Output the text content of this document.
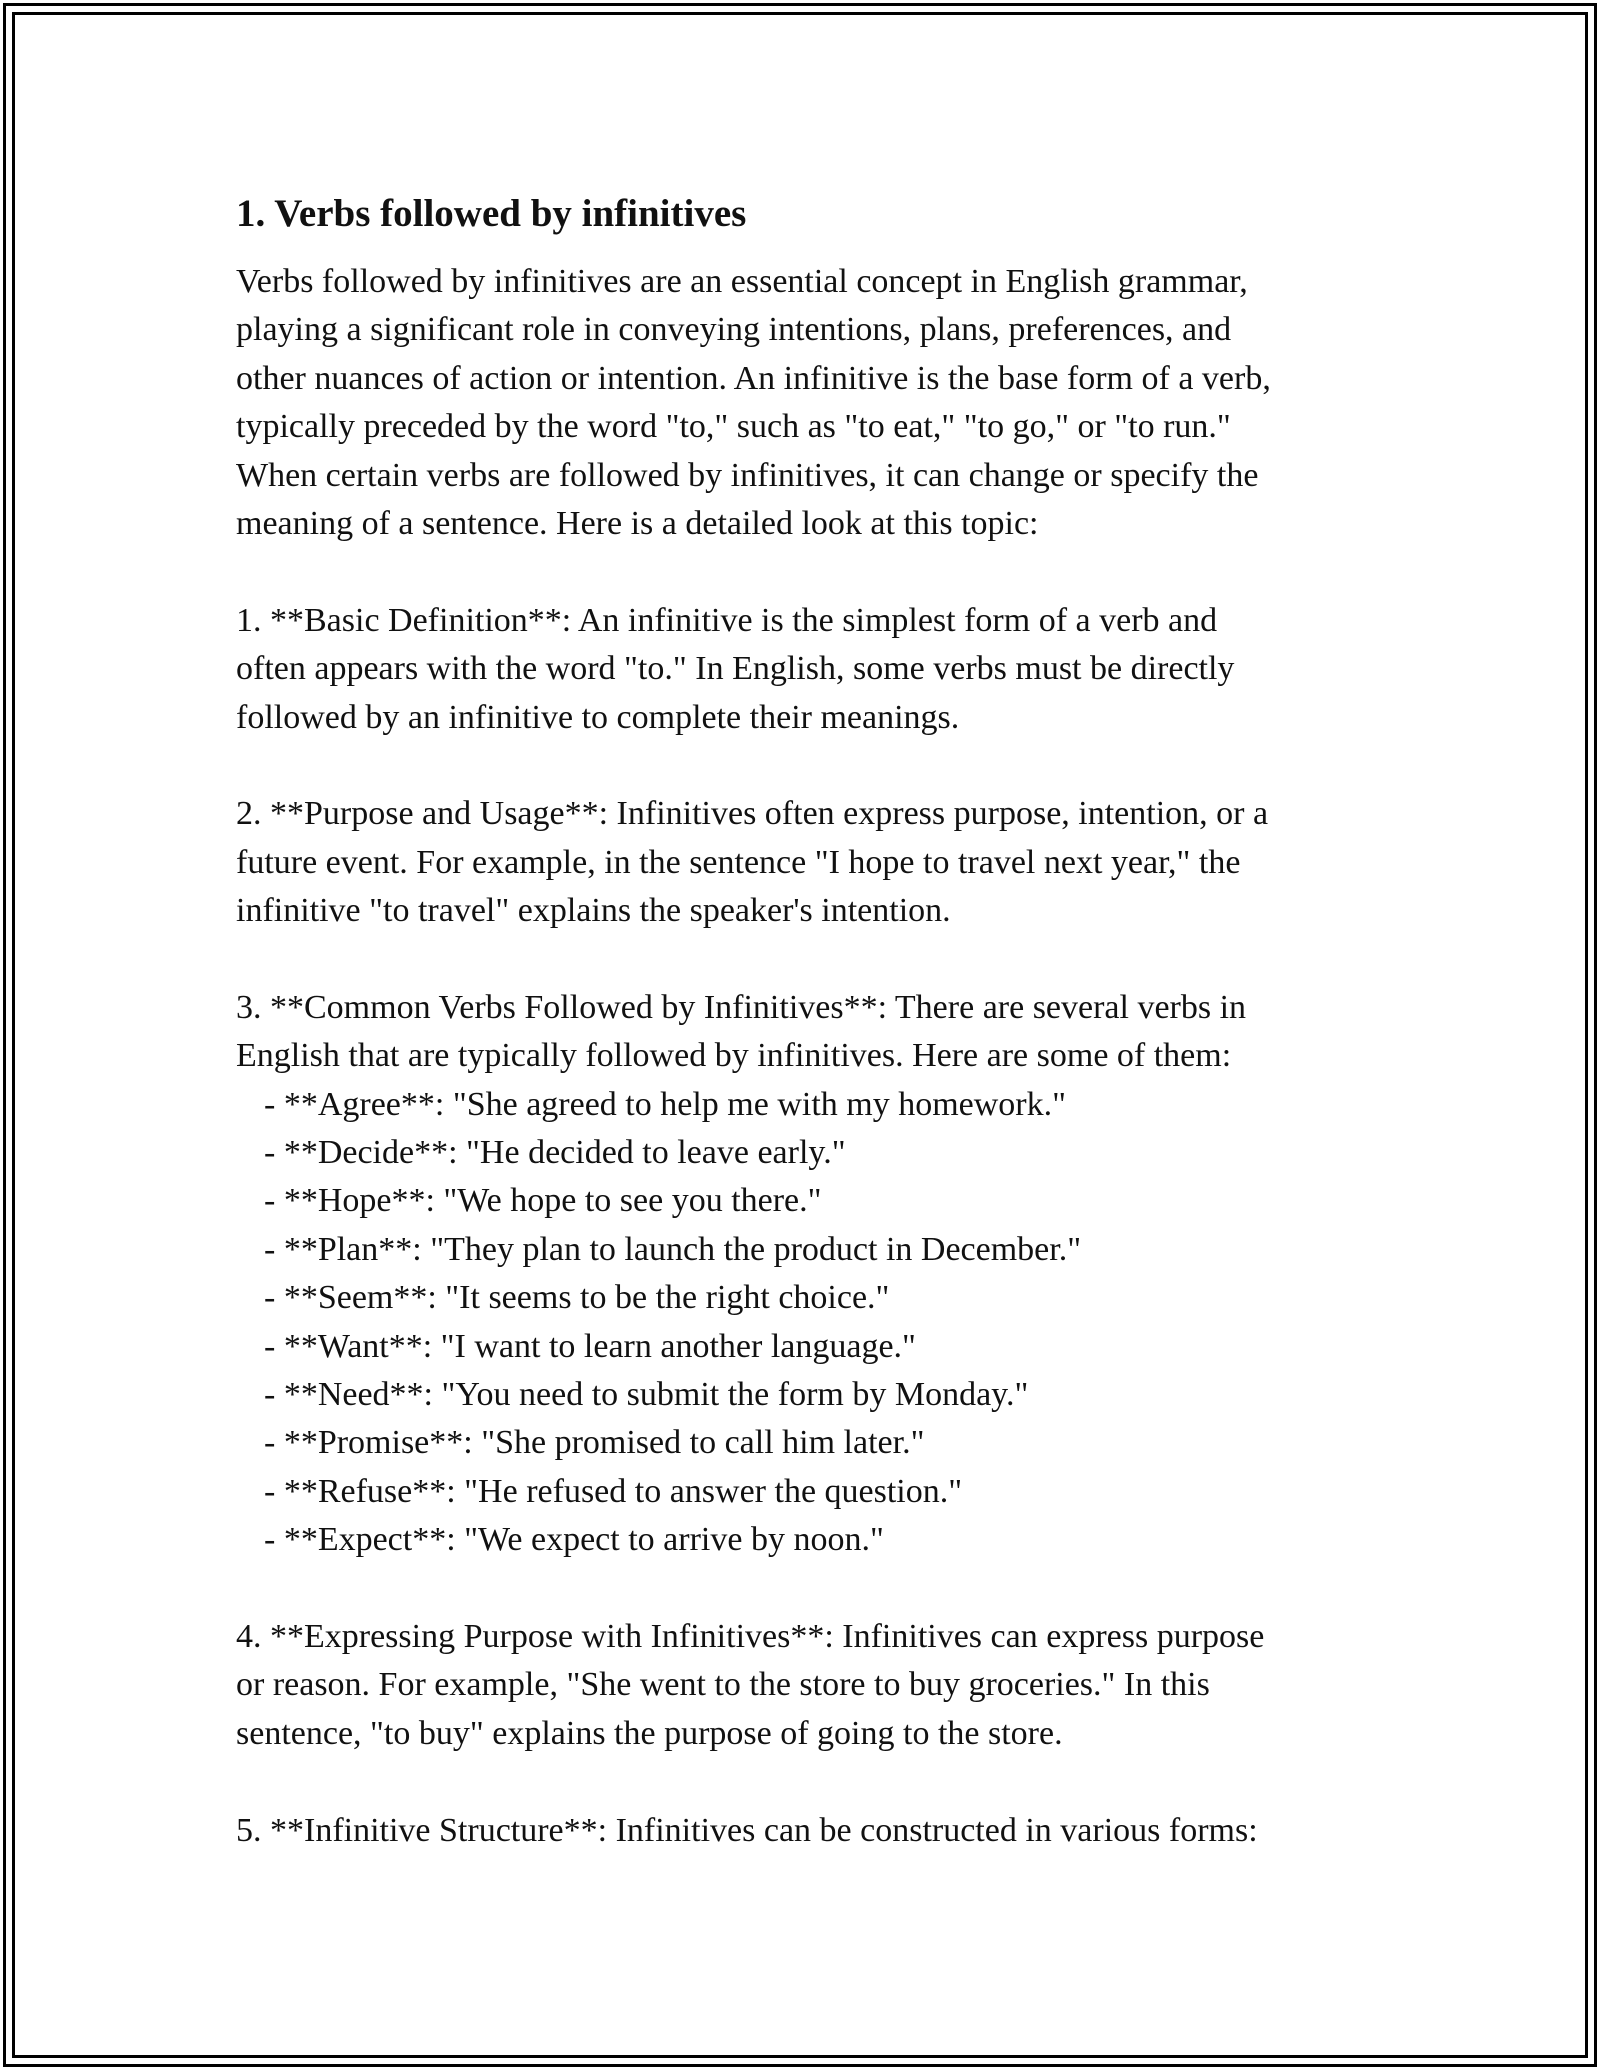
1. Verbs followed by infinitives
Verbs followed by infinitives are an essential concept in English grammar,
playing a significant role in conveying intentions, plans, preferences, and
other nuances of action or intention. An infinitive is the base form of a verb,
typically preceded by the word "to," such as "to eat," "to go," or "to run."
When certain verbs are followed by infinitives, it can change or specify the
meaning of a sentence. Here is a detailed look at this topic:
1. **Basic Definition**: An infinitive is the simplest form of a verb and
often appears with the word "to." In English, some verbs must be directly
followed by an infinitive to complete their meanings.
2. **Purpose and Usage**: Infinitives often express purpose, intention, or a
future event. For example, in the sentence "I hope to travel next year," the
infinitive "to travel" explains the speaker's intention.
3. **Common Verbs Followed by Infinitives**: There are several verbs in
English that are typically followed by infinitives. Here are some of them:
- **Agree**: "She agreed to help me with my homework."
- **Decide**: "He decided to leave early."
- **Hope**: "We hope to see you there."
- **Plan**: "They plan to launch the product in December."
- **Seem**: "It seems to be the right choice."
- **Want**: "I want to learn another language."
- **Need**: "You need to submit the form by Monday."
- **Promise**: "She promised to call him later."
- **Refuse**: "He refused to answer the question."
- **Expect**: "We expect to arrive by noon."
4. **Expressing Purpose with Infinitives**: Infinitives can express purpose
or reason. For example, "She went to the store to buy groceries." In this
sentence, "to buy" explains the purpose of going to the store.
5. **Infinitive Structure**: Infinitives can be constructed in various forms:
